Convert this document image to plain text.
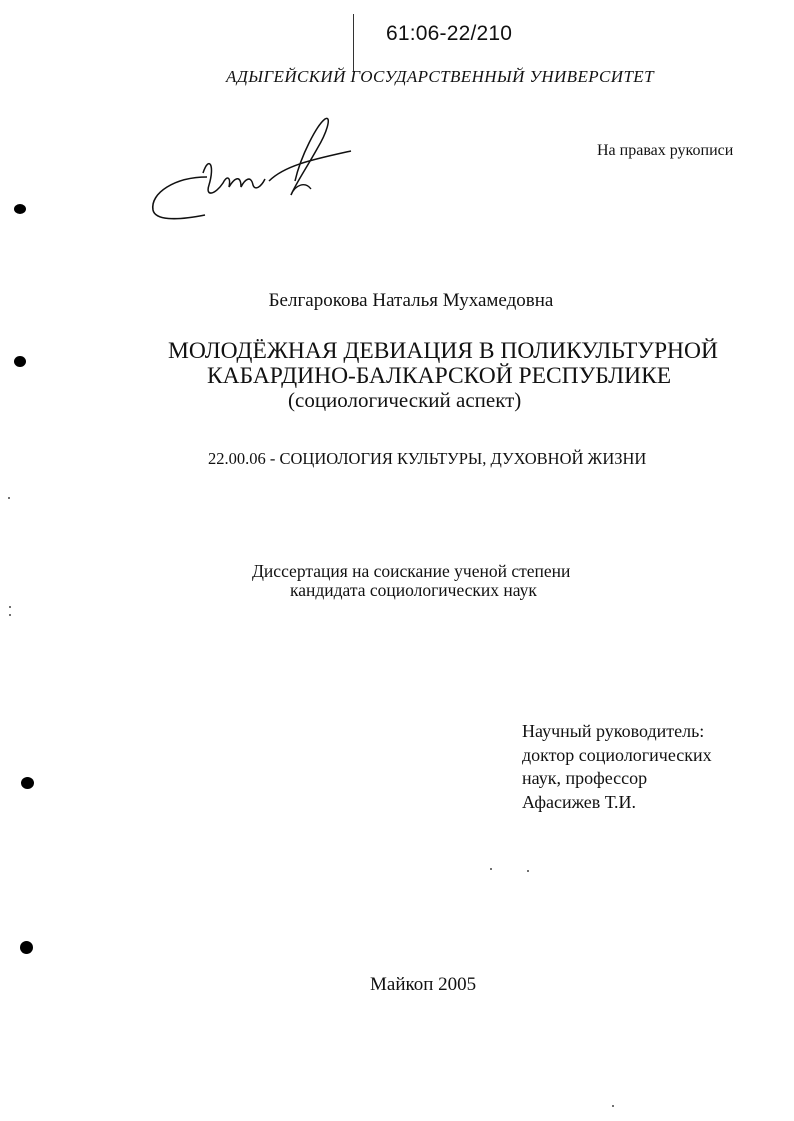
61:06-22/210
АДЫГЕЙСКИЙ ГОСУДАРСТВЕННЫЙ УНИВЕРСИТЕТ
На правах рукописи
Белгарокова Наталья Мухамедовна
МОЛОДЁЖНАЯ ДЕВИАЦИЯ В ПОЛИКУЛЬТУРНОЙ
КАБАРДИНО-БАЛКАРСКОЙ РЕСПУБЛИКЕ
(социологический аспект)
22.00.06 - СОЦИОЛОГИЯ КУЛЬТУРЫ, ДУХОВНОЙ ЖИЗНИ
Диссертация на соискание ученой степени
кандидата социологических наук
Научный руководитель:
доктор социологических
наук, профессор
Афасижев Т.И.
Майкоп 2005
